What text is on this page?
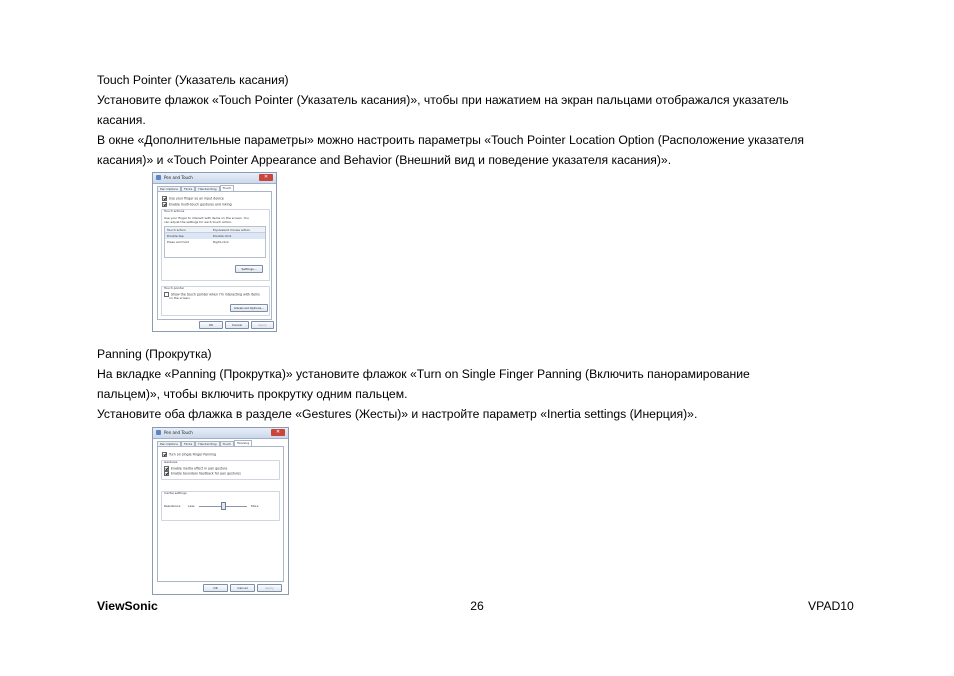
Touch Pointer (Указатель касания)

Установите флажок «Touch Pointer (Указатель касания)», чтобы при нажатием на экран пальцами отображался указатель

касания.

В окне «Дополнительные параметры» можно настроить параметры «Touch Pointer Location Option (Расположение указателя

касания)» и «Touch Pointer Appearance and Behavior (Внешний вид и поведение указателя касания)».

Pen and Touch	✕
Pen Options Flicks Handwriting Touch
Use your finger as an input device
Enable multi-touch gestures and inking
Touch actions
Use your finger to interact with items on the screen. You
can adjust the settings for each touch action.
Touch action	Equivalent mouse action
Double-tap	Double-click
Press and hold	Right-click
Settings...
Touch pointer
Show the touch pointer when I'm interacting with items
on the screen.
Advanced Options...
OK	Cancel	Apply

Panning (Прокрутка)

На вкладке «Panning (Прокрутка)» установите флажок «Turn on Single Finger Panning (Включить панорамирование

пальцем)», чтобы включить прокрутку одним пальцем.

Установите оба флажка в разделе «Gestures (Жесты)» и настройте параметр «Inertia settings (Инерция)».

Pen and Touch	✕
Pen Options Flicks Handwriting Touch Panning
Turn on Single Finger Panning
Gestures
Enable inertia effect in pan gesture
Enable boundary feedback for pan gestures
Inertia settings
Resistance: Less	More
OK	Cancel	Apply
ViewSonic	26	VPAD10
